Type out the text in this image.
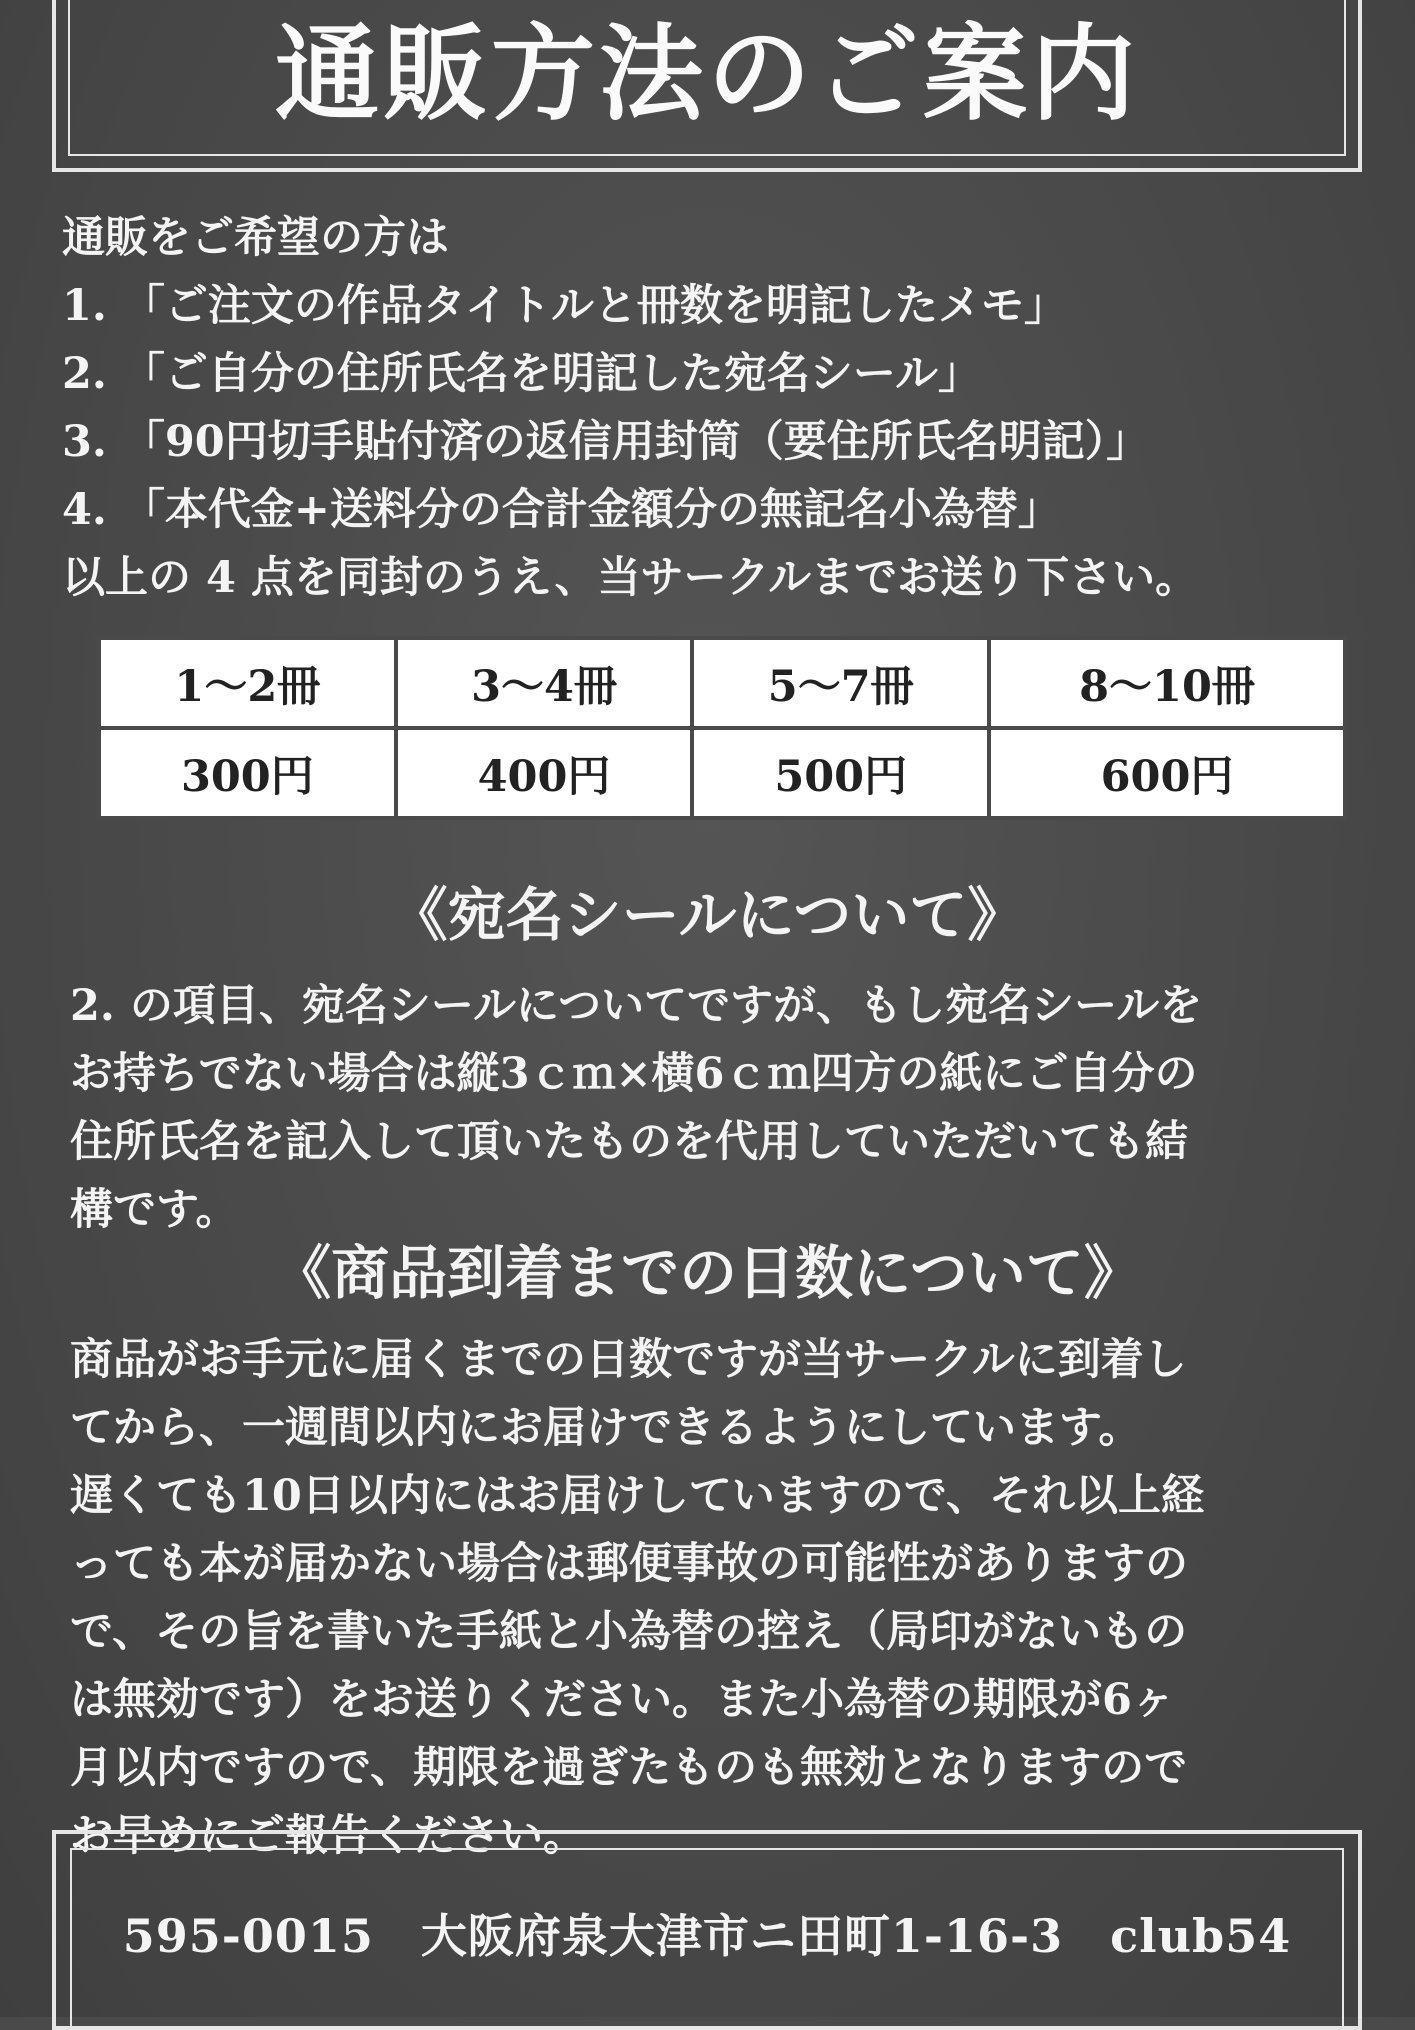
通販方法のご案内
通販をご希望の方は
1. 「ご注文の作品タイトルと冊数を明記したメモ」
2. 「ご自分の住所氏名を明記した宛名シール」
3. 「90円切手貼付済の返信用封筒（要住所氏名明記）」
4. 「本代金+送料分の合計金額分の無記名小為替」
以上の 4 点を同封のうえ、当サークルまでお送り下さい。
1～2冊	3～4冊	5～7冊	8～10冊
300円	400円	500円	600円
《宛名シールについて》
2. の項目、宛名シールについてですが、もし宛名シールを
お持ちでない場合は縦3ｃｍ×横6ｃｍ四方の紙にご自分の
住所氏名を記入して頂いたものを代用していただいても結
構です。
《商品到着までの日数について》
商品がお手元に届くまでの日数ですが当サークルに到着し
てから、一週間以内にお届けできるようにしています。
遅くても10日以内にはお届けしていますので、それ以上経
っても本が届かない場合は郵便事故の可能性がありますの
で、その旨を書いた手紙と小為替の控え（局印がないもの
は無効です）をお送りください。また小為替の期限が6ヶ
月以内ですので、期限を過ぎたものも無効となりますので
お早めにご報告ください。
595-0015　大阪府泉大津市ニ田町1-16-3　club54
